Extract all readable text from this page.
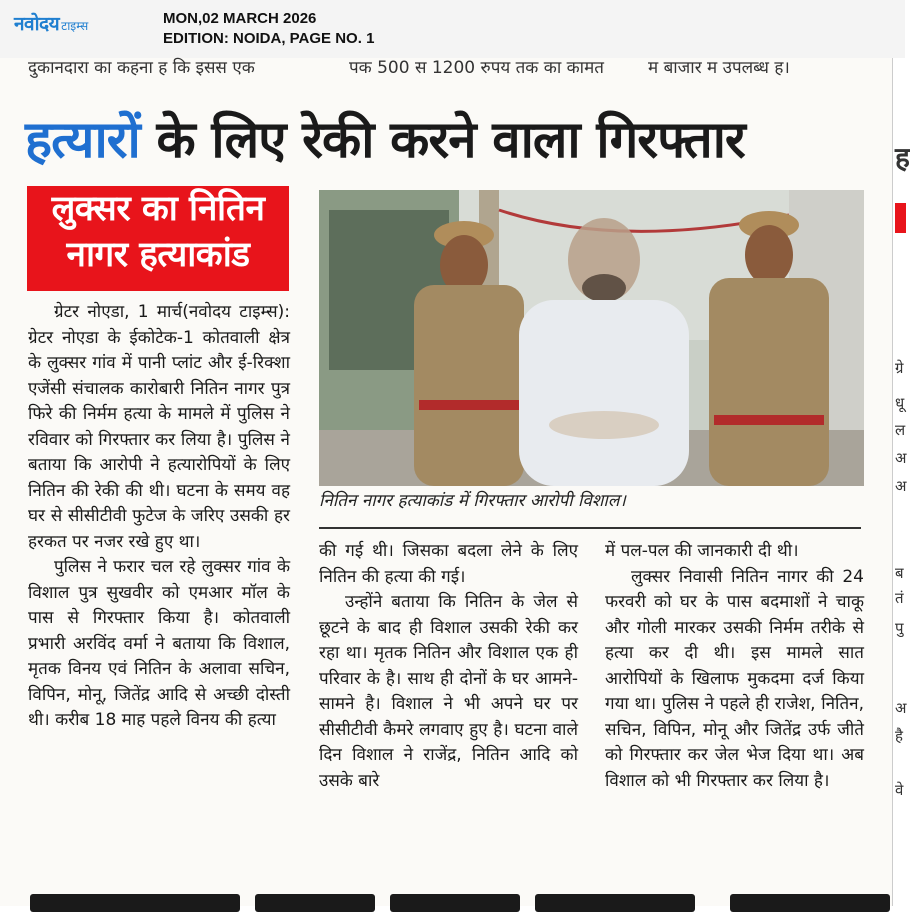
नवोदय टाइम्स	MON,02 MARCH 2026
EDITION: NOIDA, PAGE NO. 1
दुकानदारा का कहना ह कि इसस एक	पक 500 स 1200 रुपय तक का कामत	म बाजार म उपलब्ध ह।
हत्यारों के लिए रेकी करने वाला गिरफ्तार
लुक्सर का नितिन
नागर हत्याकांड
नितिन नागर हत्याकांड में गिरफ्तार आरोपी विशाल।

ग्रेटर नोएडा, 1 मार्च(नवोदय टाइम्स): ग्रेटर नोएडा के ईकोटेक-1 कोतवाली क्षेत्र के लुक्सर गांव में पानी प्लांट और ई-रिक्शा एजेंसी संचालक कारोबारी नितिन नागर पुत्र फिरे की निर्मम हत्या के मामले में पुलिस ने रविवार को गिरफ्तार कर लिया है। पुलिस ने बताया कि आरोपी ने हत्यारोपियों के लिए नितिन की रेकी की थी। घटना के समय वह घर से सीसीटीवी फुटेज के जरिए उसकी हर हरकत पर नजर रखे हुए था।

पुलिस ने फरार चल रहे लुक्सर गांव के विशाल पुत्र सुखवीर को एमआर मॉल के पास से गिरफ्तार किया है। कोतवाली प्रभारी अरविंद वर्मा ने बताया कि विशाल, मृतक विनय एवं नितिन के अलावा सचिन, विपिन, मोनू, जितेंद्र आदि से अच्छी दोस्ती थी। करीब 18 माह पहले विनय की हत्या

की गई थी। जिसका बदला लेने के लिए नितिन की हत्या की गई।

उन्होंने बताया कि नितिन के जेल से छूटने के बाद ही विशाल उसकी रेकी कर रहा था। मृतक नितिन और विशाल एक ही परिवार के है। साथ ही दोनों के घर आमने-सामने है। विशाल ने भी अपने घर पर सीसीटीवी कैमरे लगवाए हुए है। घटना वाले दिन विशाल ने राजेंद्र, नितिन आदि को उसके बारे

में पल-पल की जानकारी दी थी।

लुक्सर निवासी नितिन नागर की 24 फरवरी को घर के पास बदमाशों ने चाकू और गोली मारकर उसकी निर्मम तरीके से हत्या कर दी थी। इस मामले सात आरोपियों के खिलाफ मुकदमा दर्ज किया गया था। पुलिस ने पहले ही राजेश, नितिन, सचिन, विपिन, मोनू और जितेंद्र उर्फ जीते को गिरफ्तार कर जेल भेज दिया था। अब विशाल को भी गिरफ्तार कर लिया है।

ह
ग्रे
धू
ल
अ
अ
ब
तं
पु
अ
है
वे
